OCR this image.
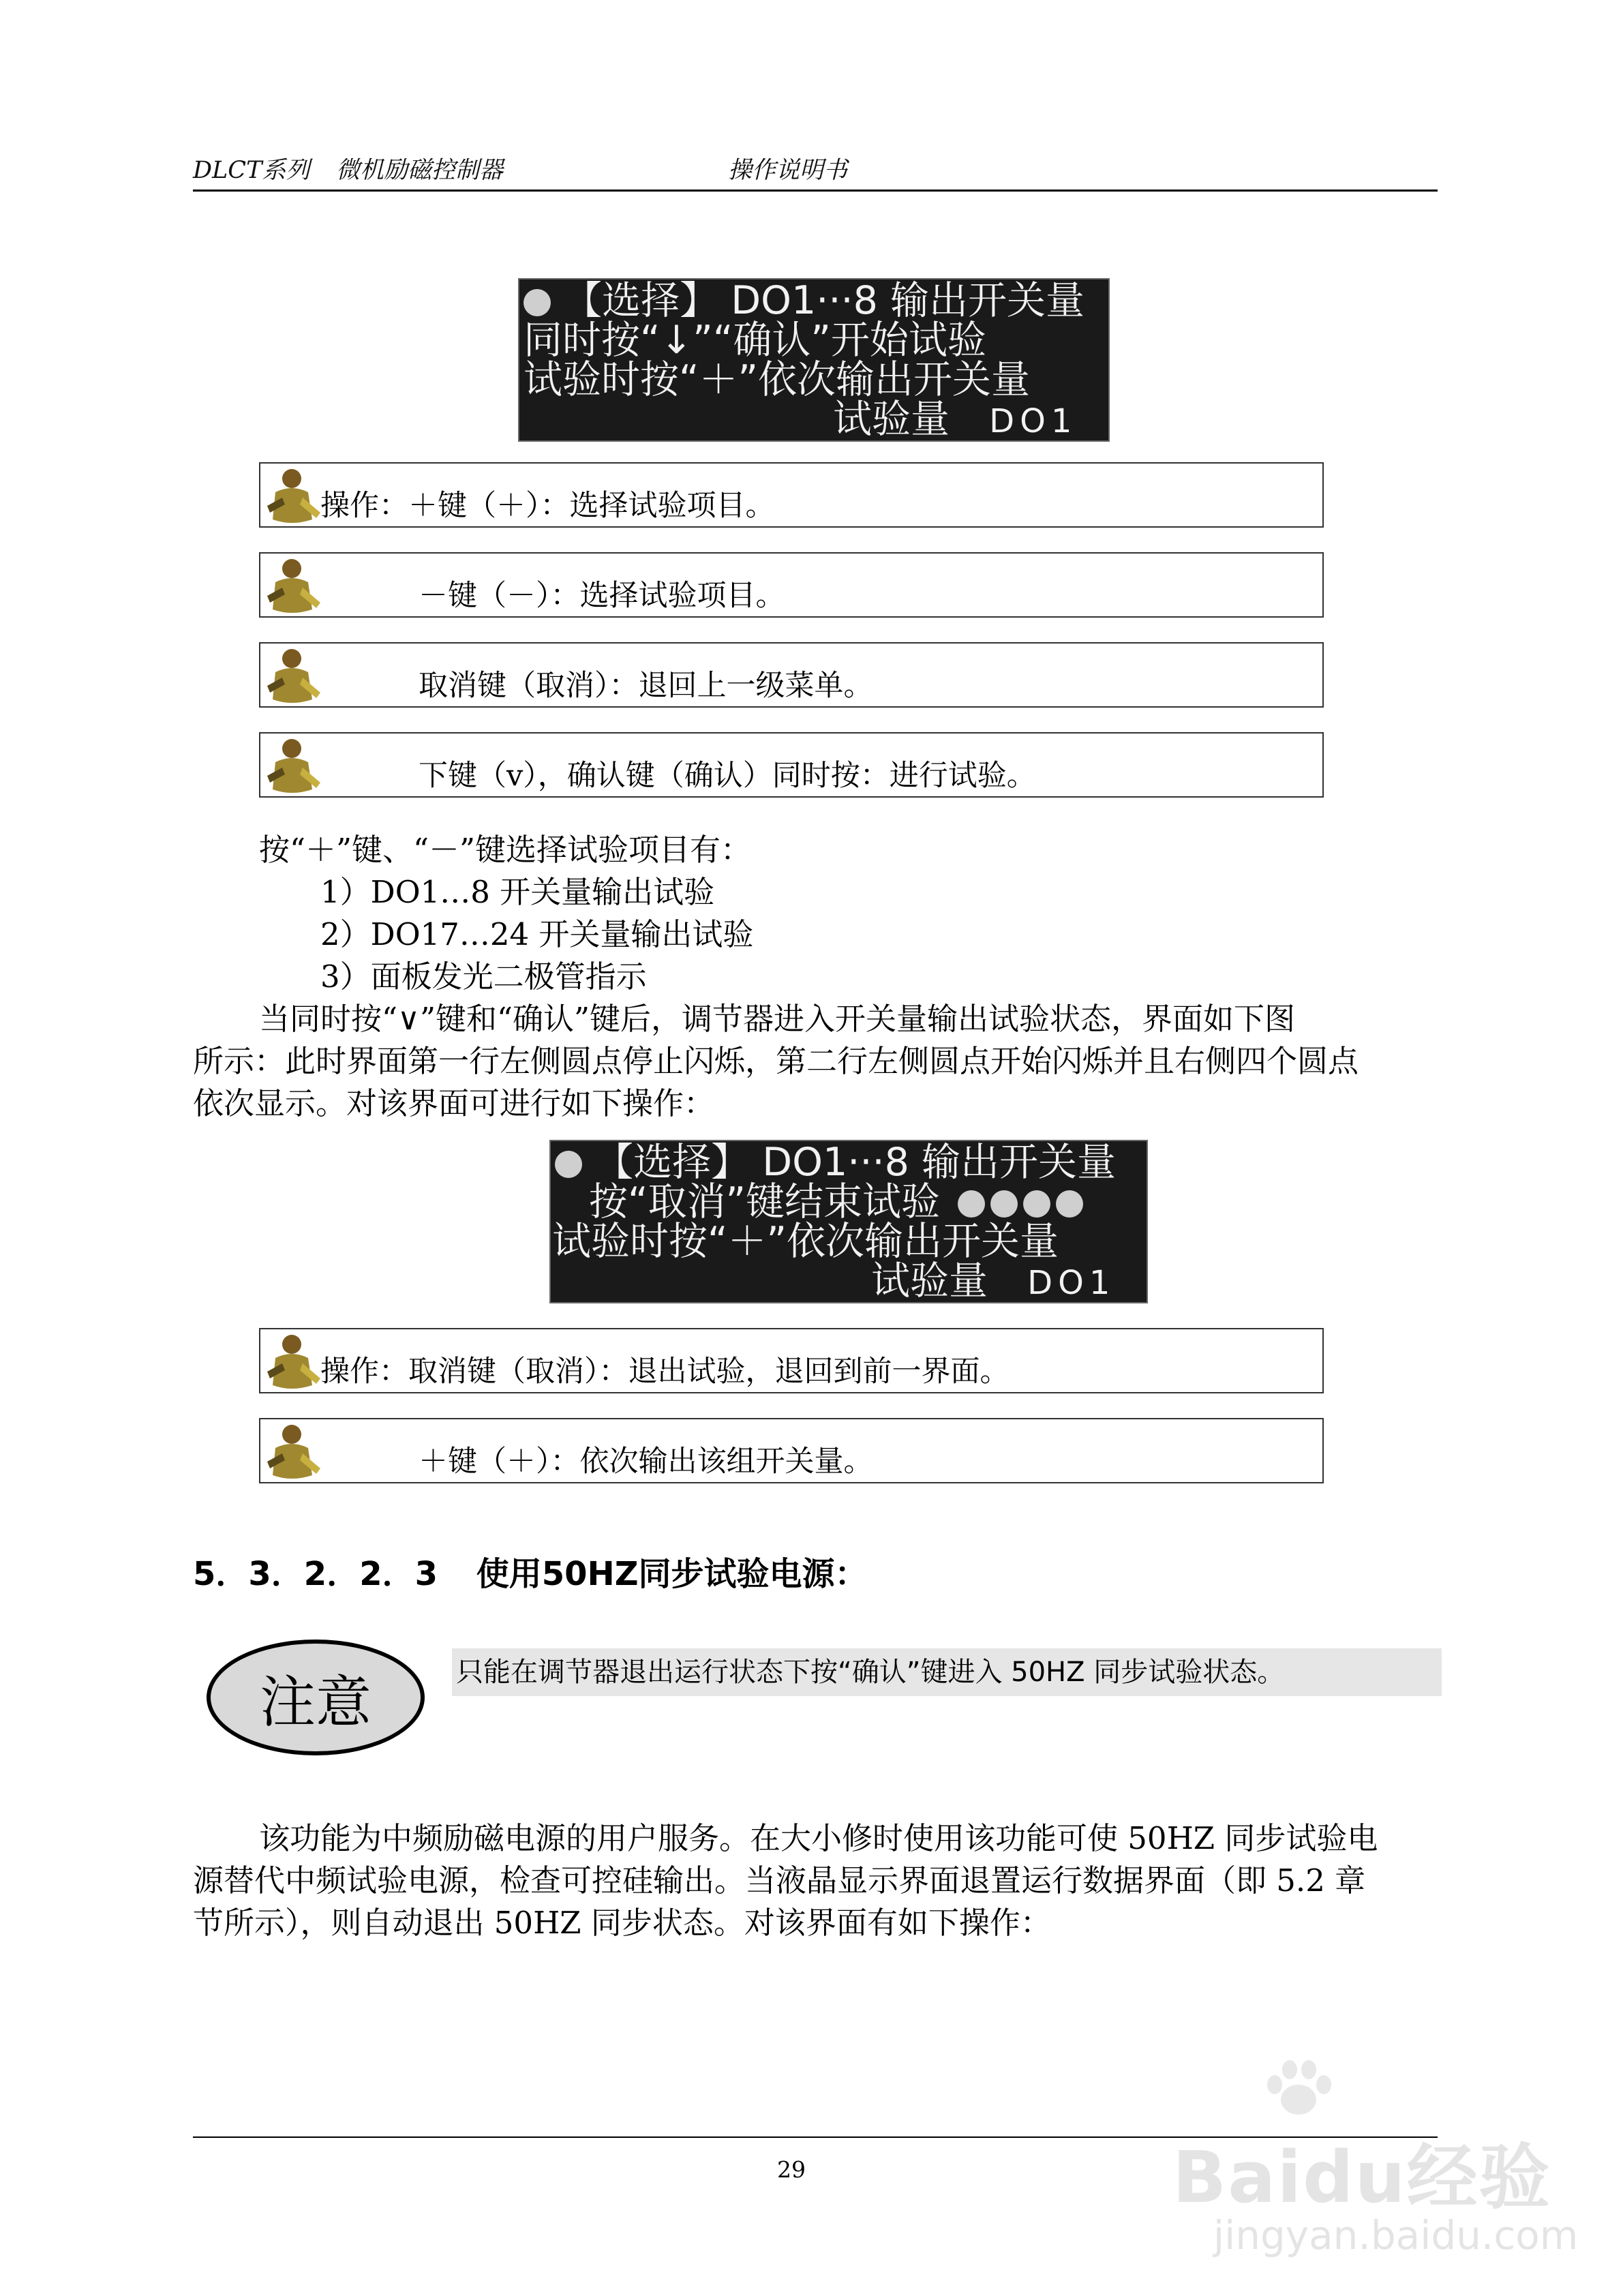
DLCT系列 微机励磁控制器	操作说明书
【选择】 DO1···8 输出开关量
同时按“↓”“确认”开始试验
试验时按“＋”依次输出开关量
试验量 DO1
操作：＋键（＋）：选择试验项目。
－键（－）：选择试验项目。
取消键（取消）：退回上一级菜单。
下键（v），确认键（确认）同时按：进行试验。
按“＋”键、“－”键选择试验项目有：
1）DO1…8 开关量输出试验
2）DO17…24 开关量输出试验
3）面板发光二极管指示
当同时按“∨”键和“确认”键后，调节器进入开关量输出试验状态，界面如下图
所示：此时界面第一行左侧圆点停止闪烁，第二行左侧圆点开始闪烁并且右侧四个圆点
依次显示。对该界面可进行如下操作：
【选择】 DO1···8 输出开关量
按“取消”键结束试验
试验时按“＋”依次输出开关量
试验量 DO1
操作：取消键（取消）：退出试验，退回到前一界面。
＋键（＋）：依次输出该组开关量。
5．3．2．2．3 使用50HZ同步试验电源：
注意	只能在调节器退出运行状态下按“确认”键进入 50HZ 同步试验状态。
该功能为中频励磁电源的用户服务。在大小修时使用该功能可使 50HZ 同步试验电
源替代中频试验电源，检查可控硅输出。当液晶显示界面退置运行数据界面（即 5.2 章
节所示），则自动退出 50HZ 同步状态。对该界面有如下操作：
29	Baidu经验
jingyan.baidu.com
